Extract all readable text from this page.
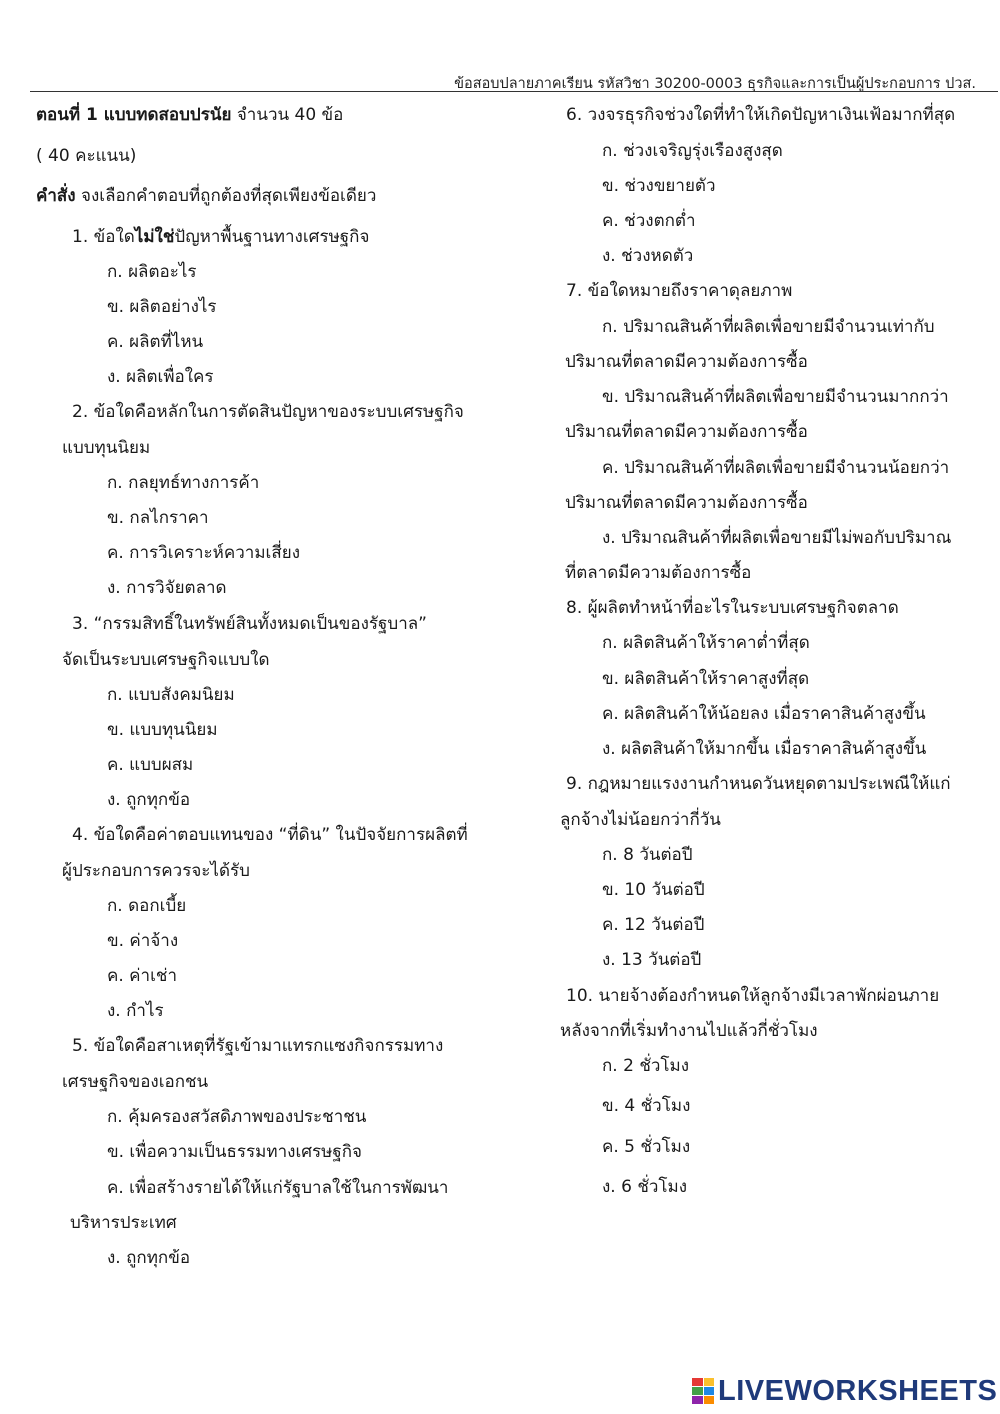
ข้อสอบปลายภาคเรียน รหัสวิชา 30200-0003 ธุรกิจและการเป็นผู้ประกอบการ ปวส.
ตอนที่ 1 แบบทดสอบปรนัย จำนวน 40 ข้อ
( 40 คะแนน)
คำสั่ง จงเลือกคำตอบที่ถูกต้องที่สุดเพียงข้อเดียว
1. ข้อใดไม่ใช่ปัญหาพื้นฐานทางเศรษฐกิจ
ก. ผลิตอะไร
ข. ผลิตอย่างไร
ค. ผลิตที่ไหน
ง. ผลิตเพื่อใคร
2. ข้อใดคือหลักในการตัดสินปัญหาของระบบเศรษฐกิจ
แบบทุนนิยม
ก. กลยุทธ์ทางการค้า
ข. กลไกราคา
ค. การวิเคราะห์ความเสี่ยง
ง. การวิจัยตลาด
3. “กรรมสิทธิ์ในทรัพย์สินทั้งหมดเป็นของรัฐบาล”
จัดเป็นระบบเศรษฐกิจแบบใด
ก. แบบสังคมนิยม
ข. แบบทุนนิยม
ค. แบบผสม
ง. ถูกทุกข้อ
4. ข้อใดคือค่าตอบแทนของ “ที่ดิน” ในปัจจัยการผลิตที่
ผู้ประกอบการควรจะได้รับ
ก. ดอกเบี้ย
ข. ค่าจ้าง
ค. ค่าเช่า
ง. กำไร
5. ข้อใดคือสาเหตุที่รัฐเข้ามาแทรกแซงกิจกรรมทาง
เศรษฐกิจของเอกชน
ก. คุ้มครองสวัสดิภาพของประชาชน
ข. เพื่อความเป็นธรรมทางเศรษฐกิจ
ค. เพื่อสร้างรายได้ให้แก่รัฐบาลใช้ในการพัฒนา
บริหารประเทศ
ง. ถูกทุกข้อ
6. วงจรธุรกิจช่วงใดที่ทำให้เกิดปัญหาเงินเฟ้อมากที่สุด
ก. ช่วงเจริญรุ่งเรืองสูงสุด
ข. ช่วงขยายตัว
ค. ช่วงตกต่ำ
ง. ช่วงหดตัว
7. ข้อใดหมายถึงราคาดุลยภาพ
ก. ปริมาณสินค้าที่ผลิตเพื่อขายมีจำนวนเท่ากับ
ปริมาณที่ตลาดมีความต้องการซื้อ
ข. ปริมาณสินค้าที่ผลิตเพื่อขายมีจำนวนมากกว่า
ปริมาณที่ตลาดมีความต้องการซื้อ
ค. ปริมาณสินค้าที่ผลิตเพื่อขายมีจำนวนน้อยกว่า
ปริมาณที่ตลาดมีความต้องการซื้อ
ง. ปริมาณสินค้าที่ผลิตเพื่อขายมีไม่พอกับปริมาณ
ที่ตลาดมีความต้องการซื้อ
8. ผู้ผลิตทำหน้าที่อะไรในระบบเศรษฐกิจตลาด
ก. ผลิตสินค้าให้ราคาต่ำที่สุด
ข. ผลิตสินค้าให้ราคาสูงที่สุด
ค. ผลิตสินค้าให้น้อยลง เมื่อราคาสินค้าสูงขึ้น
ง. ผลิตสินค้าให้มากขึ้น เมื่อราคาสินค้าสูงขึ้น
9. กฎหมายแรงงานกำหนดวันหยุดตามประเพณีให้แก่
ลูกจ้างไม่น้อยกว่ากี่วัน
ก. 8 วันต่อปี
ข. 10 วันต่อปี
ค. 12 วันต่อปี
ง. 13 วันต่อปี
10. นายจ้างต้องกำหนดให้ลูกจ้างมีเวลาพักผ่อนภาย
หลังจากที่เริ่มทำงานไปแล้วกี่ชั่วโมง
ก. 2 ชั่วโมง
ข. 4 ชั่วโมง
ค. 5 ชั่วโมง
ง. 6 ชั่วโมง
LIVEWORKSHEETS
